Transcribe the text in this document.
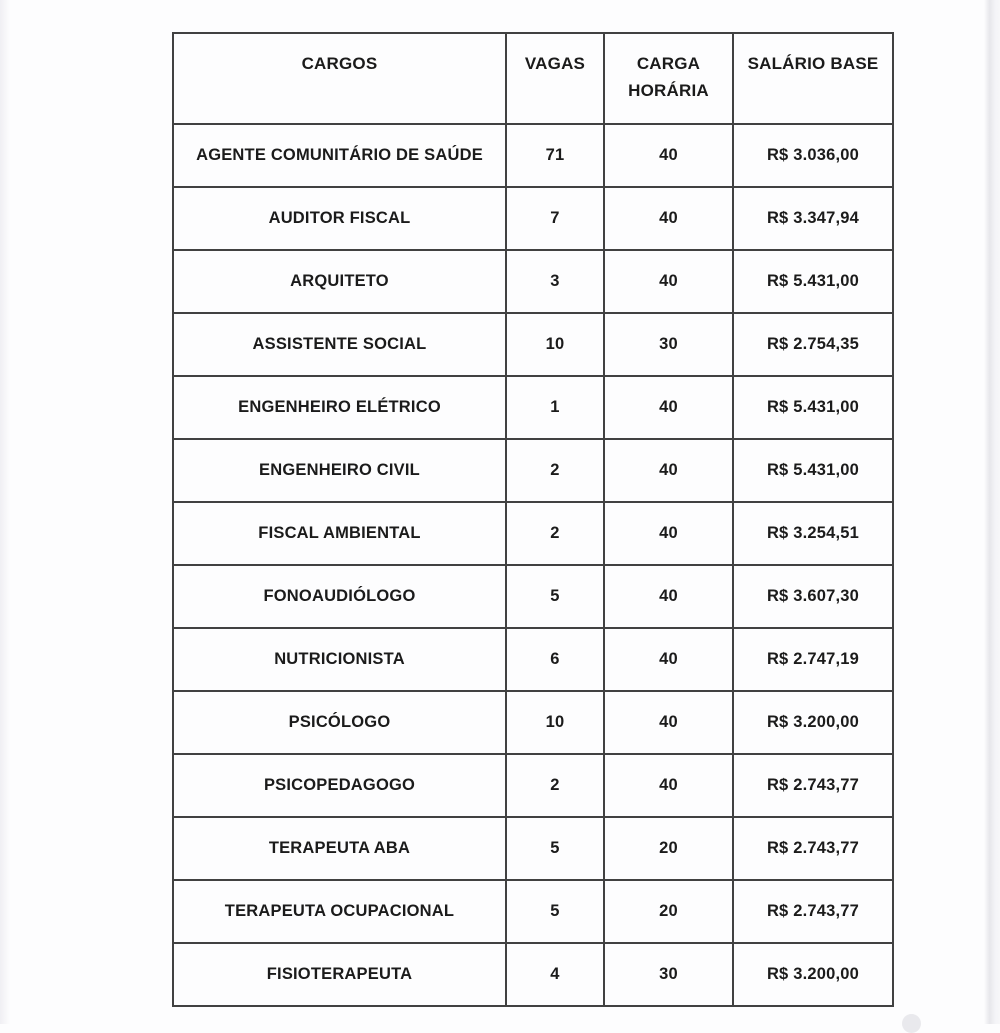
CARGOS	VAGAS	CARGA HORÁRIA	SALÁRIO BASE
AGENTE COMUNITÁRIO DE SAÚDE	71	40	R$ 3.036,00
AUDITOR FISCAL	7	40	R$ 3.347,94
ARQUITETO	3	40	R$ 5.431,00
ASSISTENTE SOCIAL	10	30	R$ 2.754,35
ENGENHEIRO ELÉTRICO	1	40	R$ 5.431,00
ENGENHEIRO CIVIL	2	40	R$ 5.431,00
FISCAL AMBIENTAL	2	40	R$ 3.254,51
FONOAUDIÓLOGO	5	40	R$ 3.607,30
NUTRICIONISTA	6	40	R$ 2.747,19
PSICÓLOGO	10	40	R$ 3.200,00
PSICOPEDAGOGO	2	40	R$ 2.743,77
TERAPEUTA ABA	5	20	R$ 2.743,77
TERAPEUTA OCUPACIONAL	5	20	R$ 2.743,77
FISIOTERAPEUTA	4	30	R$ 3.200,00
